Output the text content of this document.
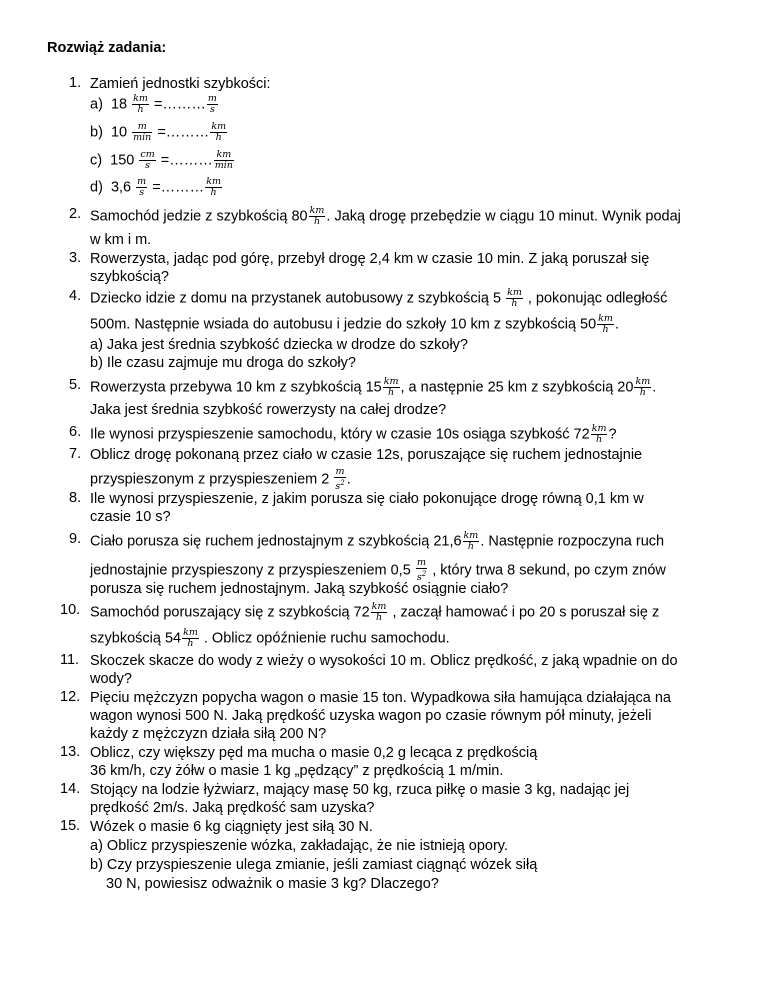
Rozwiąż zadania:
1. Zamień jednostki szybkości:
a) $18 \frac{km}{h}$ =……… $\frac{m}{s}$
b) $10 \frac{m}{\min}$ =……… $\frac{km}{h}$
c) $150 \frac{cm}{s}$ =……… $\frac{km}{\min}$
d) $3,6 \frac{m}{s}$ =……… $\frac{km}{h}$
2. Samochód jedzie z szybkością $80 \frac{km}{h}$ . Jaką drogę przebędzie w ciągu 10 minut. Wynik podaj
w km i m.
3. Rowerzysta, jadąc pod górę, przebył drogę 2,4 km w czasie 10 min. Z jaką poruszał się
szybkością?
4. Dziecko idzie z domu na przystanek autobusowy z szybkością $5 \frac{km}{h}$ , pokonując odległość
500m. Następnie wsiada do autobusu i jedzie do szkoły 10 km z szybkością $50 \frac{km}{h}$ .
a) Jaka jest średnia szybkość dziecka w drodze do szkoły?
b) Ile czasu zajmuje mu droga do szkoły?
5. Rowerzysta przebywa 10 km z szybkością $15 \frac{km}{h}$ , a następnie 25 km z szybkością $20 \frac{km}{h}$ .
Jaka jest średnia szybkość rowerzysty na całej drodze?
6. Ile wynosi przyspieszenie samochodu, który w czasie 10s osiąga szybkość $72 \frac{km}{h}$ ?
7. Oblicz drogę pokonaną przez ciało w czasie 12s, poruszające się ruchem jednostajnie
przyspieszonym z przyspieszeniem $2 \frac{m}{s^2}$ .
8. Ile wynosi przyspieszenie, z jakim porusza się ciało pokonujące drogę równą 0,1 km w
czasie 10 s?
9. Ciało porusza się ruchem jednostajnym z szybkością $21,6 \frac{km}{h}$ . Następnie rozpoczyna ruch
jednostajnie przyspieszony z przyspieszeniem $0,5 \frac{m}{s^2}$ , który trwa 8 sekund, po czym znów
porusza się ruchem jednostajnym. Jaką szybkość osiągnie ciało?
10. Samochód poruszający się z szybkością $72 \frac{km}{h}$ , zaczął hamować i po 20 s poruszał się z
szybkością $54 \frac{km}{h}$ . Oblicz opóźnienie ruchu samochodu.
11. Skoczek skacze do wody z wieży o wysokości 10 m. Oblicz prędkość, z jaką wpadnie on do
wody?
12. Pięciu mężczyzn popycha wagon o masie 15 ton. Wypadkowa siła hamująca działająca na
wagon wynosi 500 N. Jaką prędkość uzyska wagon po czasie równym pół minuty, jeżeli
każdy z mężczyzn działa siłą 200 N?
13. Oblicz, czy większy pęd ma mucha o masie 0,2 g lecąca z prędkością
36 km/h, czy żółw o masie 1 kg „pędzący” z prędkością 1 m/min.
14. Stojący na lodzie łyżwiarz, mający masę 50 kg, rzuca piłkę o masie 3 kg, nadając jej
prędkość 2m/s. Jaką prędkość sam uzyska?
15. Wózek o masie 6 kg ciągnięty jest siłą 30 N.
a) Oblicz przyspieszenie wózka, zakładając, że nie istnieją opory.
b) Czy przyspieszenie ulega zmianie, jeśli zamiast ciągnąć wózek siłą
30 N, powiesisz odważnik o masie 3 kg? Dlaczego?
